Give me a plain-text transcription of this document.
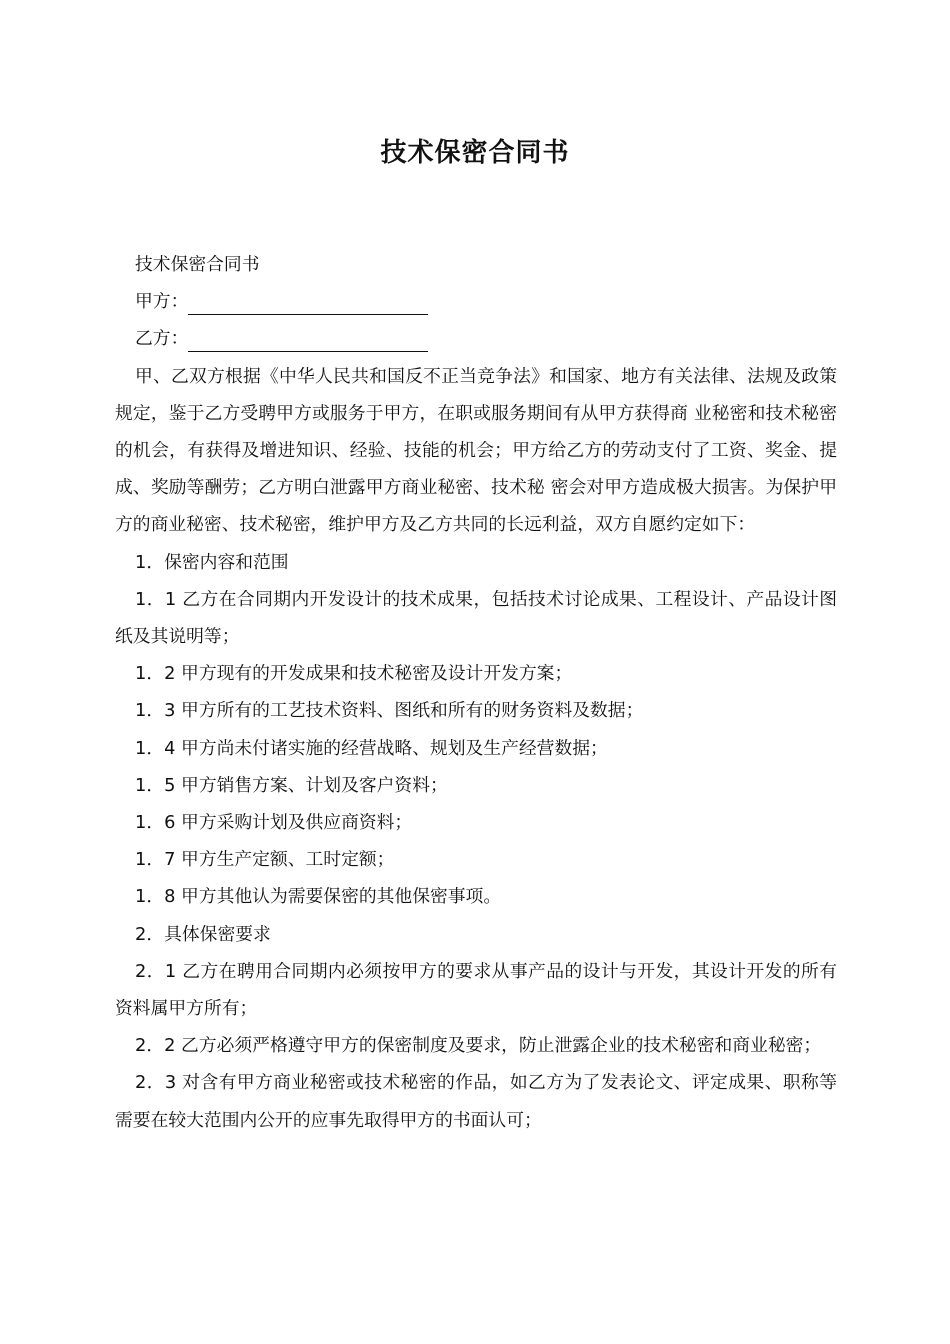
技术保密合同书

技术保密合同书

甲方：

乙方：

甲、乙双方根据《中华人民共和国反不正当竞争法》和国家、地方有关法律、法规及政策规定，鉴于乙方受聘甲方或服务于甲方，在职或服务期间有从甲方获得商 业秘密和技术秘密的机会，有获得及增进知识、经验、技能的机会；甲方给乙方的劳动支付了工资、奖金、提成、奖励等酬劳；乙方明白泄露甲方商业秘密、技术秘 密会对甲方造成极大损害。为保护甲方的商业秘密、技术秘密，维护甲方及乙方共同的长远利益，双方自愿约定如下：

1．保密内容和范围

1．1 乙方在合同期内开发设计的技术成果，包括技术讨论成果、工程设计、产品设计图纸及其说明等；

1．2 甲方现有的开发成果和技术秘密及设计开发方案；

1．3 甲方所有的工艺技术资料、图纸和所有的财务资料及数据；

1．4 甲方尚未付诸实施的经营战略、规划及生产经营数据；

1．5 甲方销售方案、计划及客户资料；

1．6 甲方采购计划及供应商资料；

1．7 甲方生产定额、工时定额；

1．8 甲方其他认为需要保密的其他保密事项。

2．具体保密要求

2．1 乙方在聘用合同期内必须按甲方的要求从事产品的设计与开发，其设计开发的所有资料属甲方所有；

2．2 乙方必须严格遵守甲方的保密制度及要求，防止泄露企业的技术秘密和商业秘密；

2．3 对含有甲方商业秘密或技术秘密的作品，如乙方为了发表论文、评定成果、职称等需要在较大范围内公开的应事先取得甲方的书面认可；
